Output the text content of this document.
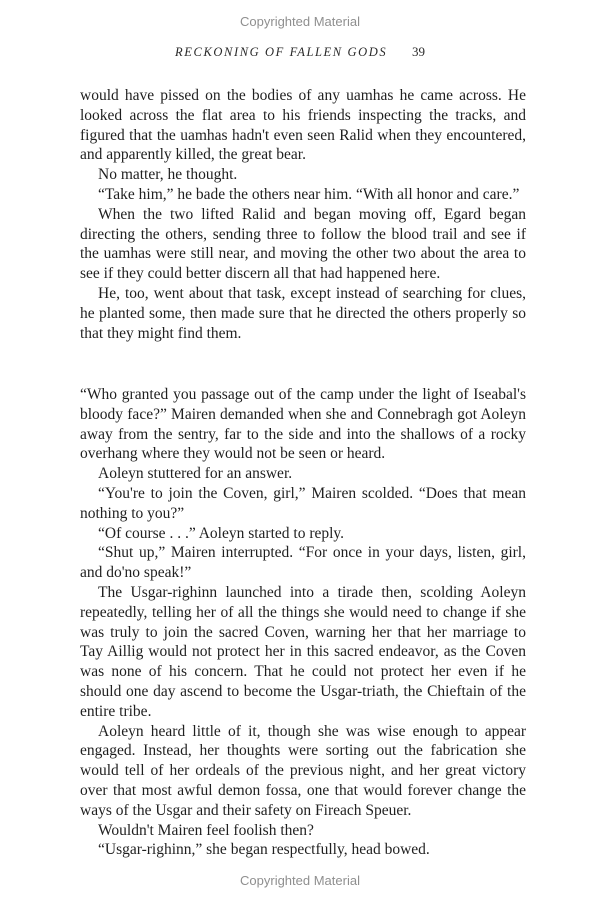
Copyrighted Material
RECKONING OF FALLEN GODS 39

would have pissed on the bodies of any uamhas he came across. He looked across the flat area to his friends inspecting the tracks, and figured that the uamhas hadn't even seen Ralid when they encountered, and apparently killed, the great bear.

No matter, he thought.

“Take him,” he bade the others near him. “With all honor and care.”

When the two lifted Ralid and began moving off, Egard began directing the others, sending three to follow the blood trail and see if the uamhas were still near, and moving the other two about the area to see if they could better discern all that had happened here.

He, too, went about that task, except instead of searching for clues, he planted some, then made sure that he directed the others properly so that they might find them.

“Who granted you passage out of the camp under the light of Iseabal's bloody face?” Mairen demanded when she and Connebragh got Aoleyn away from the sentry, far to the side and into the shallows of a rocky overhang where they would not be seen or heard.

Aoleyn stuttered for an answer.

“You're to join the Coven, girl,” Mairen scolded. “Does that mean nothing to you?”

“Of course . . .” Aoleyn started to reply.

“Shut up,” Mairen interrupted. “For once in your days, listen, girl, and do'no speak!”

The Usgar-righinn launched into a tirade then, scolding Aoleyn repeatedly, telling her of all the things she would need to change if she was truly to join the sacred Coven, warning her that her marriage to Tay Aillig would not protect her in this sacred endeavor, as the Coven was none of his concern. That he could not protect her even if he should one day ascend to become the Usgar-triath, the Chieftain of the entire tribe.

Aoleyn heard little of it, though she was wise enough to appear engaged. Instead, her thoughts were sorting out the fabrication she would tell of her ordeals of the previous night, and her great victory over that most awful demon fossa, one that would forever change the ways of the Usgar and their safety on Fireach Speuer.

Wouldn't Mairen feel foolish then?

“Usgar-righinn,” she began respectfully, head bowed.

Copyrighted Material
